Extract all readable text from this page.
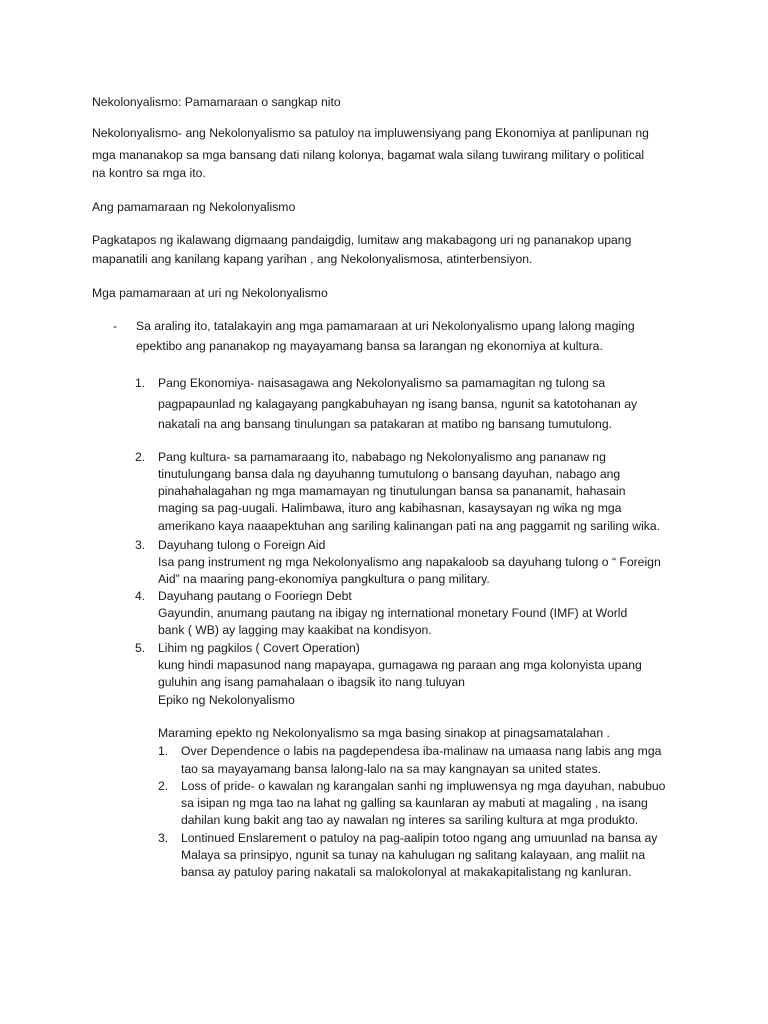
Nekolonyalismo: Pamamaraan o sangkap nito
Nekolonyalismo- ang Nekolonyalismo sa patuloy na impluwensiyang pang Ekonomiya at panlipunan ng
mga mananakop sa mga bansang dati nilang kolonya, bagamat wala silang tuwirang military o political
na kontro sa mga ito.
Ang pamamaraan ng Nekolonyalismo
Pagkatapos ng ikalawang digmaang pandaigdig, lumitaw ang makabagong uri ng pananakop upang
mapanatili ang kanilang kapang yarihan , ang Nekolonyalismosa, atinterbensiyon.
Mga pamamaraan at uri ng Nekolonyalismo
- Sa araling ito, tatalakayin ang mga pamamaraan at uri Nekolonyalismo upang lalong maging
epektibo ang pananakop ng mayayamang bansa sa larangan ng ekonomiya at kultura.
1. Pang Ekonomiya- naisasagawa ang Nekolonyalismo sa pamamagitan ng tulong sa
pagpapaunlad ng kalagayang pangkabuhayan ng isang bansa, ngunit sa katotohanan ay
nakatali na ang bansang tinulungan sa patakaran at matibo ng bansang tumutulong.
2. Pang kultura- sa pamamaraang ito, nababago ng Nekolonyalismo ang pananaw ng
tinutulungang bansa dala ng dayuhanng tumutulong o bansang dayuhan, nabago ang
pinahahalagahan ng mga mamamayan ng tinutulungan bansa sa pananamit, hahasain
maging sa pag-uugali. Halimbawa, ituro ang kabihasnan, kasaysayan ng wika ng mga
amerikano kaya naaapektuhan ang sariling kalinangan pati na ang paggamit ng sariling wika.
3. Dayuhang tulong o Foreign Aid
Isa pang instrument ng mga Nekolonyalismo ang napakaloob sa dayuhang tulong o “ Foreign
Aid” na maaring pang-ekonomiya pangkultura o pang military.
4. Dayuhang pautang o Fooriegn Debt
Gayundin, anumang pautang na ibigay ng international monetary Found (IMF) at World
bank ( WB) ay lagging may kaakibat na kondisyon.
5. Lihim ng pagkilos ( Covert Operation)
kung hindi mapasunod nang mapayapa, gumagawa ng paraan ang mga kolonyista upang
guluhin ang isang pamahalaan o ibagsik ito nang tuluyan
Epiko ng Nekolonyalismo
Maraming epekto ng Nekolonyalismo sa mga basing sinakop at pinagsamatalahan .
1. Over Dependence o labis na pagdependesa iba-malinaw na umaasa nang labis ang mga
tao sa mayayamang bansa lalong-lalo na sa may kangnayan sa united states.
2. Loss of pride- o kawalan ng karangalan sanhi ng impluwensya ng mga dayuhan, nabubuo
sa isipan ng mga tao na lahat ng galling sa kaunlaran ay mabuti at magaling , na isang
dahilan kung bakit ang tao ay nawalan ng interes sa sariling kultura at mga produkto.
3. Lontinued Enslarement o patuloy na pag-aalipin totoo ngang ang umuunlad na bansa ay
Malaya sa prinsipyo, ngunit sa tunay na kahulugan ng salitang kalayaan, ang maliit na
bansa ay patuloy paring nakatali sa malokolonyal at makakapitalistang ng kanluran.
